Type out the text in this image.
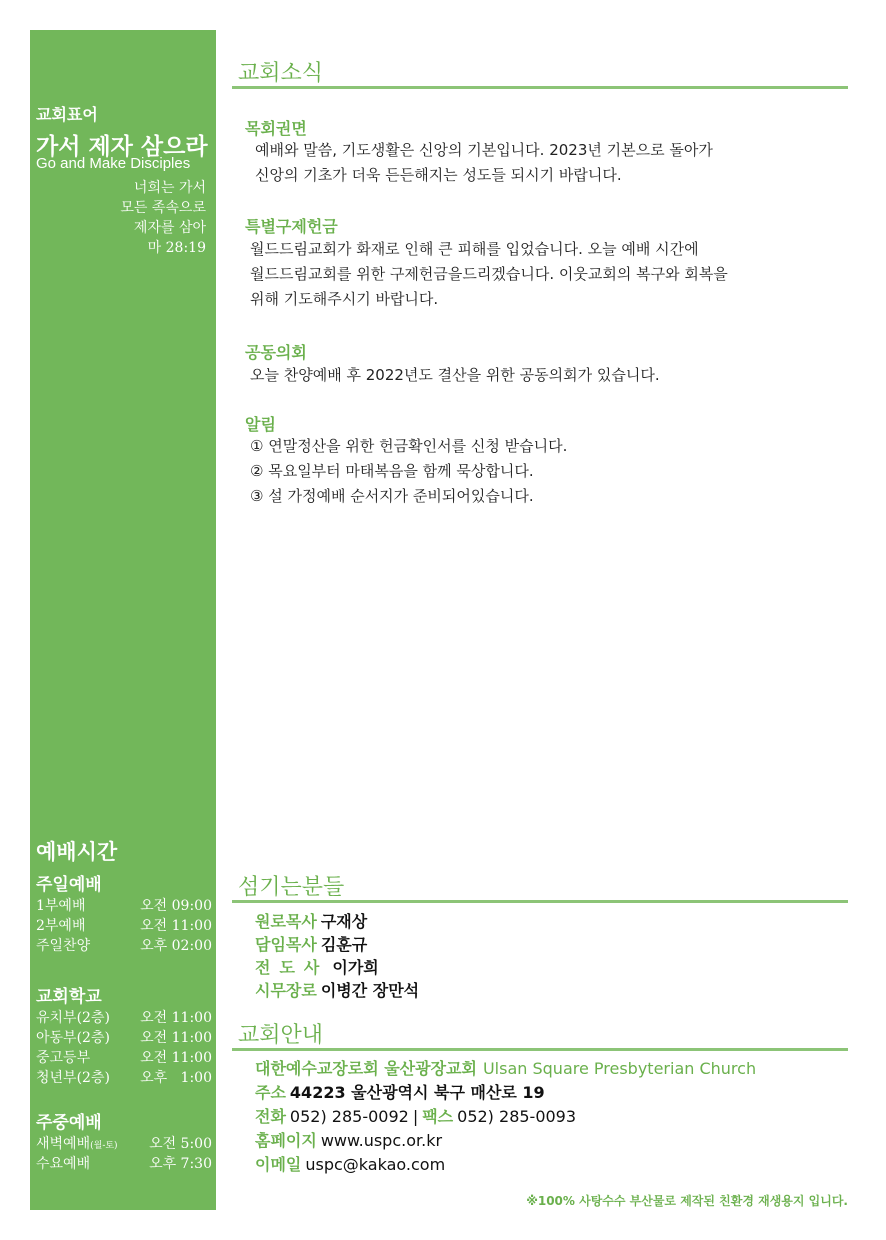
교회표어
가서 제자 삼으라
Go and Make Disciples
너희는 가서
모든 족속으로
제자를 삼아
마 28:19
예배시간
주일예배
1부예배	오전 09:00
2부예배	오전 11:00
주일찬양	오후 02:00
교회학교
유치부(2층) 오전 11:00
아동부(2층) 오전 11:00
중고등부	오전 11:00
청년부(2층) 오후   1:00
주중예배
새벽예배(월-토) 오전 5:00
수요예배	오후 7:30
교회소식
목회권면
예배와 말씀, 기도생활은 신앙의 기본입니다. 2023년 기본으로 돌아가
신앙의 기초가 더욱 든든해지는 성도들 되시기 바랍니다.
특별구제헌금
월드드림교회가 화재로 인해 큰 피해를 입었습니다. 오늘 예배 시간에
월드드림교회를 위한 구제헌금을드리겠습니다. 이웃교회의 복구와 회복을
위해 기도해주시기 바랍니다.
공동의회
오늘 찬양예배 후 2022년도 결산을 위한 공동의회가 있습니다.
알림
① 연말정산을 위한 헌금확인서를 신청 받습니다.
② 목요일부터 마태복음을 함께 묵상합니다.
③ 설 가정예배 순서지가 준비되어있습니다.
섬기는분들
원로목사 구재상
담임목사 김훈규
전도사 이가희
시무장로 이병간 장만석
교회안내
대한예수교장로회 울산광장교회 Ulsan Square Presbyterian Church
주소 44223 울산광역시 북구 매산로 19
전화 052) 285-0092 | 팩스 052) 285-0093
홈페이지 www.uspc.or.kr
이메일 uspc@kakao.com
※100% 사탕수수 부산물로 제작된 친환경 재생용지 입니다.
